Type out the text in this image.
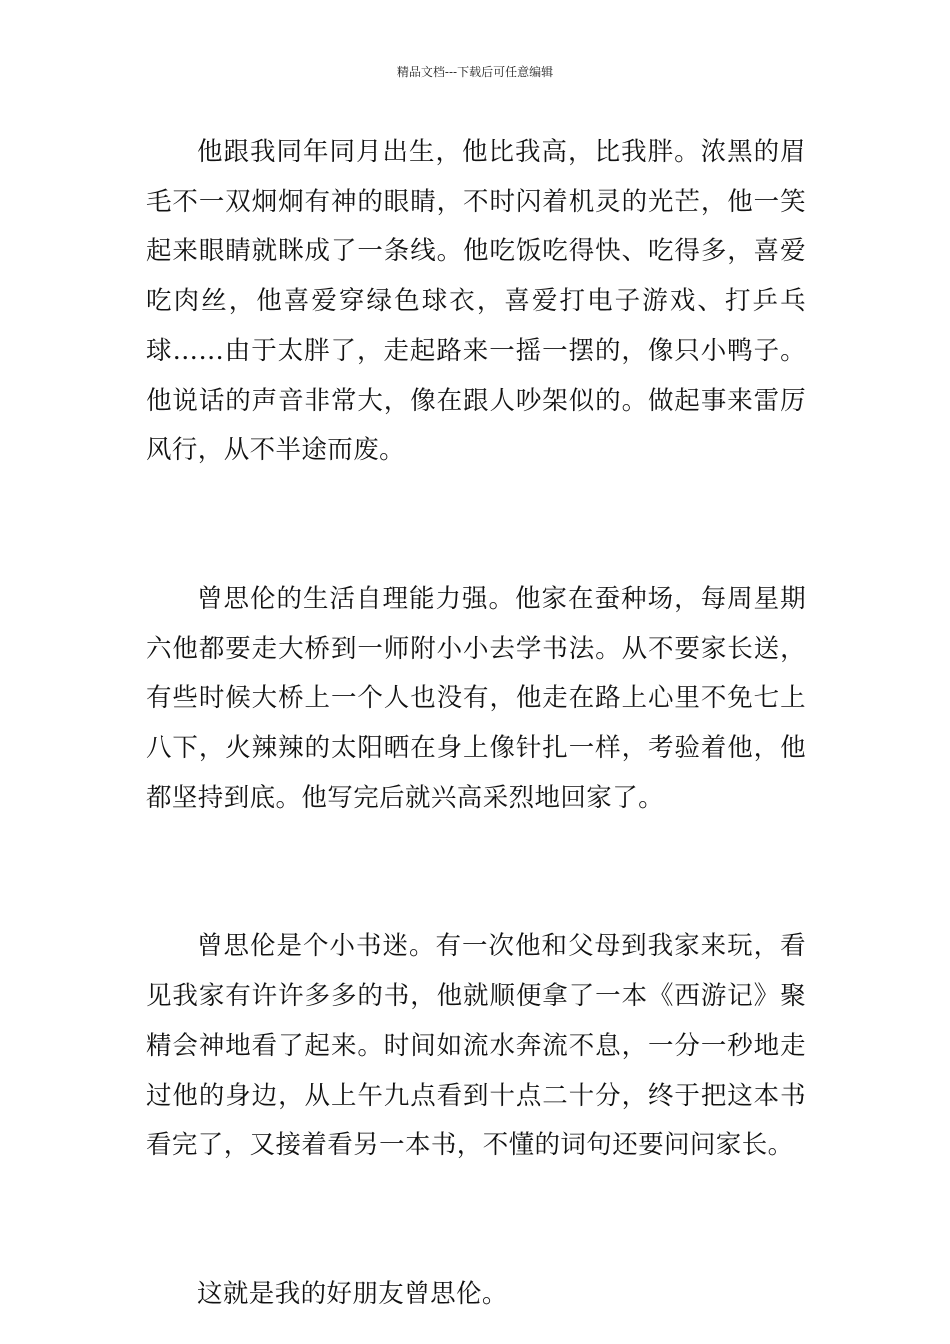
精品文档---下载后可任意编辑

他跟我同年同月出生，他比我高，比我胖。浓黑的眉毛不一双炯炯有神的眼睛，不时闪着机灵的光芒，他一笑起来眼睛就眯成了一条线。他吃饭吃得快、吃得多，喜爱吃肉丝，他喜爱穿绿色球衣，喜爱打电子游戏、打乒乓球……由于太胖了，走起路来一摇一摆的，像只小鸭子。他说话的声音非常大，像在跟人吵架似的。做起事来雷厉风行，从不半途而废。

曾思伦的生活自理能力强。他家在蚕种场，每周星期六他都要走大桥到一师附小小去学书法。从不要家长送，有些时候大桥上一个人也没有，他走在路上心里不免七上八下，火辣辣的太阳晒在身上像针扎一样，考验着他，他都坚持到底。他写完后就兴高采烈地回家了。

曾思伦是个小书迷。有一次他和父母到我家来玩，看见我家有许许多多的书，他就顺便拿了一本《西游记》聚精会神地看了起来。时间如流水奔流不息，一分一秒地走过他的身边，从上午九点看到十点二十分，终于把这本书看完了，又接着看另一本书，不懂的词句还要问问家长。

这就是我的好朋友曾思伦。
